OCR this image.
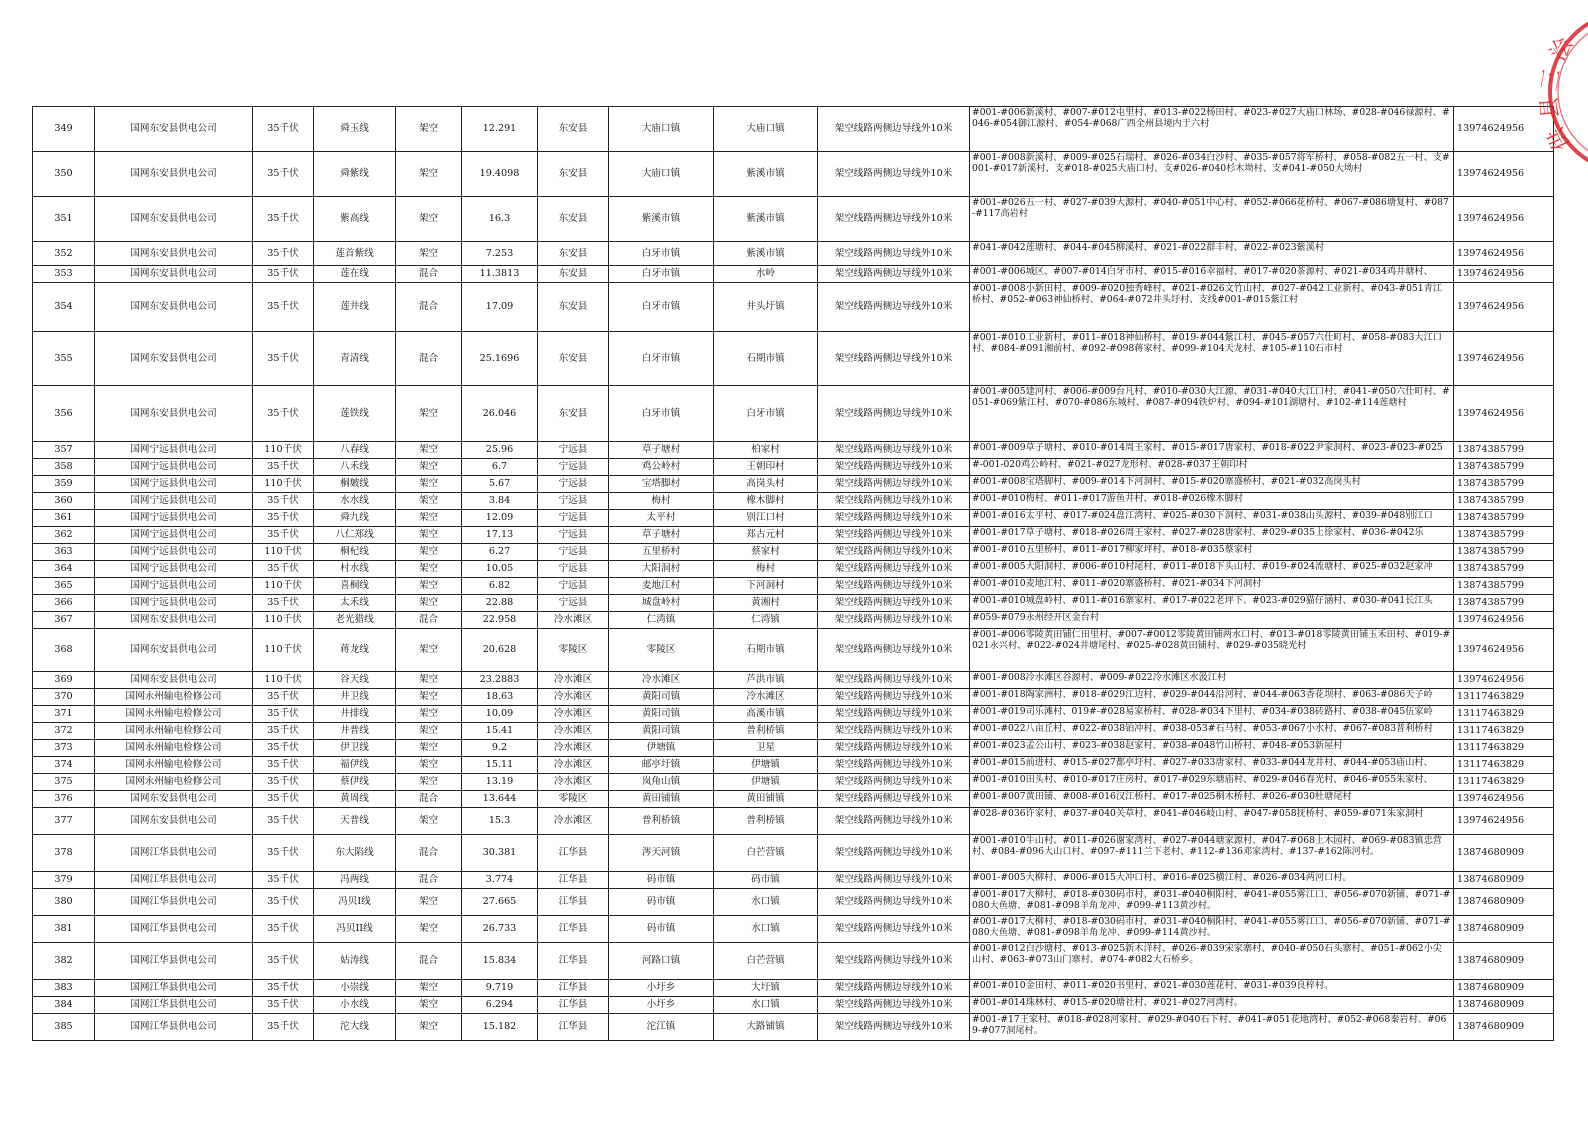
349	国网东安县供电公司	35千伏	舜玉线	架空	12.291	东安县	大庙口镇	大庙口镇	架空线路两侧边导线外10米	#001-#006新溪村、#007-#012屯里村、#013-#022杨田村、#023-#027大庙口林场、#028-#046禄源村、#046-#054御江源村、#054-#068广西全州县境内于六村	13974624956
350	国网东安县供电公司	35千伏	舜紫线	架空	19.4098	东安县	大庙口镇	紫溪市镇	架空线路两侧边导线外10米	#001-#008新溪村、#009-#025石瑞村、#026-#034白沙村、#035-#057将军桥村、#058-#082五一村、支#001-#017新溪村、支#018-#025大庙口村、支#026-#040杉木坳村、支#041-#050大坳村	13974624956
351	国网东安县供电公司	35千伏	紫高线	架空	16.3	东安县	紫溪市镇	紫溪市镇	架空线路两侧边导线外10米	#001-#026五一村、#027-#039大源村、#040-#051中心村、#052-#066花桥村、#067-#086塘复村、#087-#117高岩村	13974624956
352	国网东安县供电公司	35千伏	莲首紫线	架空	7.253	东安县	白牙市镇	紫溪市镇	架空线路两侧边导线外10米	#041-#042莲塘村、#044-#045柳溪村、#021-#022群丰村、#022-#023紫溪村	13974624956
353	国网东安县供电公司	35千伏	莲在线	混合	11.3813	东安县	白牙市镇	水岭	架空线路两侧边导线外10米	#001-#006城区、#007-#014白牙市村、#015-#016幸福村、#017-#020茶源村、#021-#034鸡井塘村、	13974624956
354	国网东安县供电公司	35千伏	莲井线	混合	17.09	东安县	白牙市镇	井头圩镇	架空线路两侧边导线外10米	#001-#008小新田村、#009-#020独秀峰村、#021-#026文竹山村、#027-#042工业新村、#043-#051青江桥村、#052-#063神仙桥村、#064-#072井头圩村、支线#001-#015紫江村	13974624956
355	国网东安县供电公司	35千伏	青清线	混合	25.1696	东安县	白牙市镇	石期市镇	架空线路两侧边导线外10米	#001-#010工业新村、#011-#018神仙桥村、#019-#044紫江村、#045-#057六仕町村、#058-#083大江口村、#084-#091湘前村、#092-#098蒋家村、#099-#104天龙村、#105-#110石市村	13974624956
356	国网东安县供电公司	35千伏	莲铁线	架空	26.046	东安县	白牙市镇	白牙市镇	架空线路两侧边导线外10米	#001-#005建河村、#006-#009台凡村、#010-#030大江源、#031-#040大江口村、#041-#050六仕町村、#051-#069紫江村、#070-#086东城村、#087-#094铁炉村、#094-#101湖塘村、#102-#114莲塘村	13974624956
357	国网宁远县供电公司	110千伏	八春线	架空	25.96	宁远县	草子塘村	柏家村	架空线路两侧边导线外10米	#001-#009草子塘村、#010-#014周王家村、#015-#017唐家村、#018-#022尹家洞村、#023-#023-#025	13874385799
358	国网宁远县供电公司	35千伏	八禾线	架空	6.7	宁远县	鸡公岭村	王朝印村	架空线路两侧边导线外10米	#-001-020鸡公岭村、#021-#027龙形村、#028-#037王朝印村	13874385799
359	国网宁远县供电公司	110千伏	桐皴线	架空	5.67	宁远县	宝塔脚村	高岗头村	架空线路两侧边导线外10米	#001-#008宝塔脚村、#009-#014下河洞村、#015-#020寨盛桥村、#021-#032高岗头村	13874385799
360	国网宁远县供电公司	35千伏	水水线	架空	3.84	宁远县	梅村	橡木脚村	架空线路两侧边导线外10米	#001-#010梅村、#011-#017游鱼井村、#018-#026橡木脚村	13874385799
361	国网宁远县供电公司	35千伏	舜九线	架空	12.09	宁远县	太平村	别江口村	架空线路两侧边导线外10米	#001-#016太平村、#017-#024盘江湾村、#025-#030下洞村、#031-#038山头源村、#039-#048别江口	13874385799
362	国网宁远县供电公司	35千伏	八仁郑线	架空	17.13	宁远县	草子塘村	郑古元村	架空线路两侧边导线外10米	#001-#017草子塘村、#018-#026周王家村、#027-#028唐家村、#029-#035上徐家村、#036-#042乐	13874385799
363	国网宁远县供电公司	110千伏	桐杞线	架空	6.27	宁远县	五里桥村	蔡家村	架空线路两侧边导线外10米	#001-#010五里桥村、#011-#017柳家坪村、#018-#035蔡家村	13874385799
364	国网宁远县供电公司	35千伏	村水线	架空	10.05	宁远县	大阳洞村	梅村	架空线路两侧边导线外10米	#001-#005大阳洞村、#006-#010村尾村、#011-#018下头山村、#019-#024流塘村、#025-#032赵家冲	13874385799
365	国网宁远县供电公司	110千伏	喜桐线	架空	6.82	宁远县	麦地江村	下河洞村	架空线路两侧边导线外10米	#001-#010麦地江村、#011-#020寨盛桥村、#021-#034下河洞村	13874385799
366	国网宁远县供电公司	35千伏	太禾线	架空	22.88	宁远县	城盘岭村	黄湘村	架空线路两侧边导线外10米	#001-#010城盘岭村、#011-#016寨家村、#017-#022老坪下、#023-#029猫仔涵村、#030-#041长江头	13874385799
367	国网东安县供电公司	110千伏	老光猎线	混合	22.958	冷水滩区	仁湾镇	仁湾镇	架空线路两侧边导线外10米	#059-#079永州经开区金台村	13974624956
368	国网东安县供电公司	110千伏	蒋龙线	架空	20.628	零陵区	零陵区	石期市镇	架空线路两侧边导线外10米	#001-#006零陵黄田铺仁田里村、#007-#0012零陵黄田铺两水口村、#013-#018零陵黄田铺玉禾田村、#019-#021永兴村、#022-#024井塘尾村、#025-#028黄田铺村、#029-#035晓光村	13974624956
369	国网东安县供电公司	110千伏	谷天线	架空	23.2883	冷水滩区	冷水滩区	芦洪市镇	架空线路两侧边导线外10米	#001-#008冷水滩区谷源村、#009-#022冷水滩区水汲江村	13974624956
370	国网永州输电检修公司	35千伏	井卫线	架空	18.63	冷水滩区	黄阳司镇	冷水滩区	架空线路两侧边导线外10米	#001-#018陶家洲村、#018-#029江边村、#029-#044沿河村、#044-#063香花坝村、#063-#086天子岭	13117463829
371	国网永州输电检修公司	35千伏	井排线	架空	10.09	冷水滩区	黄阳司镇	高溪市镇	架空线路两侧边导线外10米	#001-#019司乐滩村、019#-#028易家桥村、#028-#034下里村、#034-#038砖路村、#038-#045伍家岭	13117463829
372	国网永州输电检修公司	35千伏	井普线	架空	15.41	冷水滩区	黄阳司镇	普利桥镇	架空线路两侧边导线外10米	#001-#022八亩丘村、#022-#038铂冲村、#038-053#石马村、#053-#067小水村、#067-#083普利桥村	13117463829
373	国网永州输电检修公司	35千伏	伊卫线	架空	9.2	冷水滩区	伊塘镇	卫星	架空线路两侧边导线外10米	#001-#023孟公山村、#023-#038赵家村、#038-#048竹山桥村、#048-#053新屋村	13117463829
374	国网永州输电检修公司	35千伏	福伊线	架空	15.11	冷水滩区	邮亭圩镇	伊塘镇	架空线路两侧边导线外10米	#001-#015前进村、#015-#027都亭圩村、#027-#033唐家村、#033-#044龙井村、#044-#053庙山村、	13117463829
375	国网永州输电检修公司	35千伏	蔡伊线	架空	13.19	冷水滩区	岚角山镇	伊塘镇	架空线路两侧边导线外10米	#001-#010田头村、#010-#017庄房村、#017-#029东塘庙村、#029-#046春光村、#046-#055朱家村、	13117463829
376	国网东安县供电公司	35千伏	黄周线	混合	13.644	零陵区	黄田铺镇	黄田铺镇	架空线路两侧边导线外10米	#001-#007黄田铺、#008-#016汉江桥村、#017-#025桐木桥村、#026-#030杜塘尾村	13974624956
377	国网东安县供电公司	35千伏	天普线	架空	15.3	冷水滩区	普利桥镇	普利桥镇	架空线路两侧边导线外10米	#028-#036许家村、#037-#040关草村、#041-#046岐山村、#047-#058抚桥村、#059-#071朱家洞村	13974624956
378	国网江华县供电公司	35千伏	东大陷线	混合	30.381	江华县	涔天河镇	白芒营镇	架空线路两侧边导线外10米	#001-#010牛山村、#011-#026谢家湾村、#027-#044塘家源村、#047-#068上木园村、#069-#083镇忠营村、#084-#096大山口村、#097-#111兰下老村、#112-#136邓家湾村、#137-#162陈河村。	13874680909
379	国网江华县供电公司	35千伏	冯两线	混合	3.774	江华县	码市镇	码市镇	架空线路两侧边导线外10米	#001-#005大柳村、#006-#015大冲口村、#016-#025横江村、#026-#034两河口村。	13874680909
380	国网江华县供电公司	35千伏	冯贝I线	架空	27.665	江华县	码市镇	水口镇	架空线路两侧边导线外10米	#001-#017大柳村、#018-#030码市村、#031-#040桐阳村、#041-#055雾江口、#056-#070新铺、#071-#080大鱼塘、#081-#098羊角龙冲、#099-#113黄沙村。	13874680909
381	国网江华县供电公司	35千伏	冯贝II线	架空	26.733	江华县	码市镇	水口镇	架空线路两侧边导线外10米	#001-#017大柳村、#018-#030码市村、#031-#040桐阳村、#041-#055雾江口、#056-#070新铺、#071-#080大鱼塘、#081-#098羊角龙冲、#099-#114黄沙村。	13874680909
382	国网江华县供电公司	35千伏	姑涛线	混合	15.834	江华县	河路口镇	白芒营镇	架空线路两侧边导线外10米	#001-#012白沙塘村、#013-#025新木洋村、#026-#039宋家寨村、#040-#050石头寨村、#051-#062小尖山村、#063-#073山门寨村、#074-#082大石桥乡。	13874680909
383	国网江华县供电公司	35千伏	小崇线	架空	9.719	江华县	小圩乡	大圩镇	架空线路两侧边导线外10米	#001-#010金田村、#011-#020书里村、#021-#030莲花村、#031-#039良梓村。	13874680909
384	国网江华县供电公司	35千伏	小水线	架空	6.294	江华县	小圩乡	水口镇	架空线路两侧边导线外10米	#001-#014珠林村、#015-#020塘社村、#021-#027河湾村。	13874680909
385	国网江华县供电公司	35千伏	沱大线	架空	15.182	江华县	沱江镇	大路铺镇	架空线路两侧边导线外10米	#001-#17王家村、#018-#028河家村、#029-#040石下村、#041-#051花地湾村、#052-#068秦岩村、#069-#077洞尾村。	13874680909
浍
三
县
供
